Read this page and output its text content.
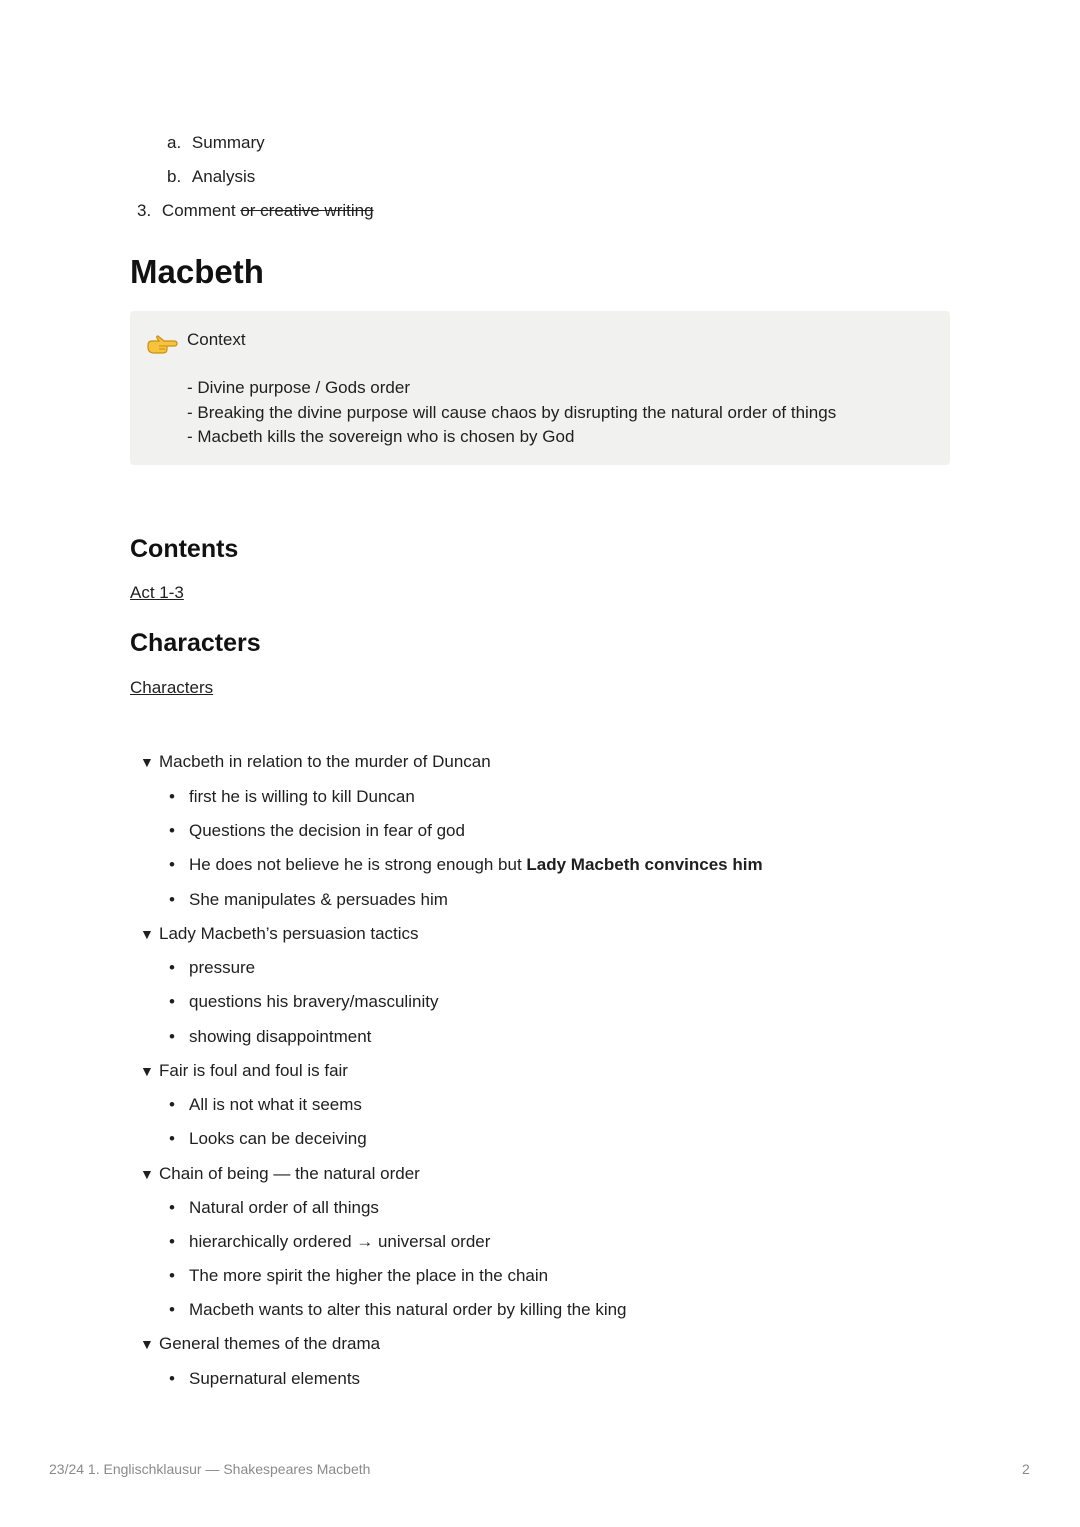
a. Summary
b. Analysis
3. Comment or creative writing
Macbeth
Context
- Divine purpose / Gods order
- Breaking the divine purpose will cause chaos by disrupting the natural order of things
- Macbeth kills the sovereign who is chosen by God
Contents
Act 1-3
Characters
Characters
▼ Macbeth in relation to the murder of Duncan
• first he is willing to kill Duncan
• Questions the decision in fear of god
• He does not believe he is strong enough but Lady Macbeth convinces him
• She manipulates & persuades him
▼ Lady Macbeth’s persuasion tactics
• pressure
• questions his bravery/masculinity
• showing disappointment
▼ Fair is foul and foul is fair
• All is not what it seems
• Looks can be deceiving
▼ Chain of being — the natural order
• Natural order of all things
• hierarchically ordered → universal order
• The more spirit the higher the place in the chain
• Macbeth wants to alter this natural order by killing the king
▼ General themes of the drama
• Supernatural elements
23/24 1. Englischklausur — Shakespeares Macbeth	2
